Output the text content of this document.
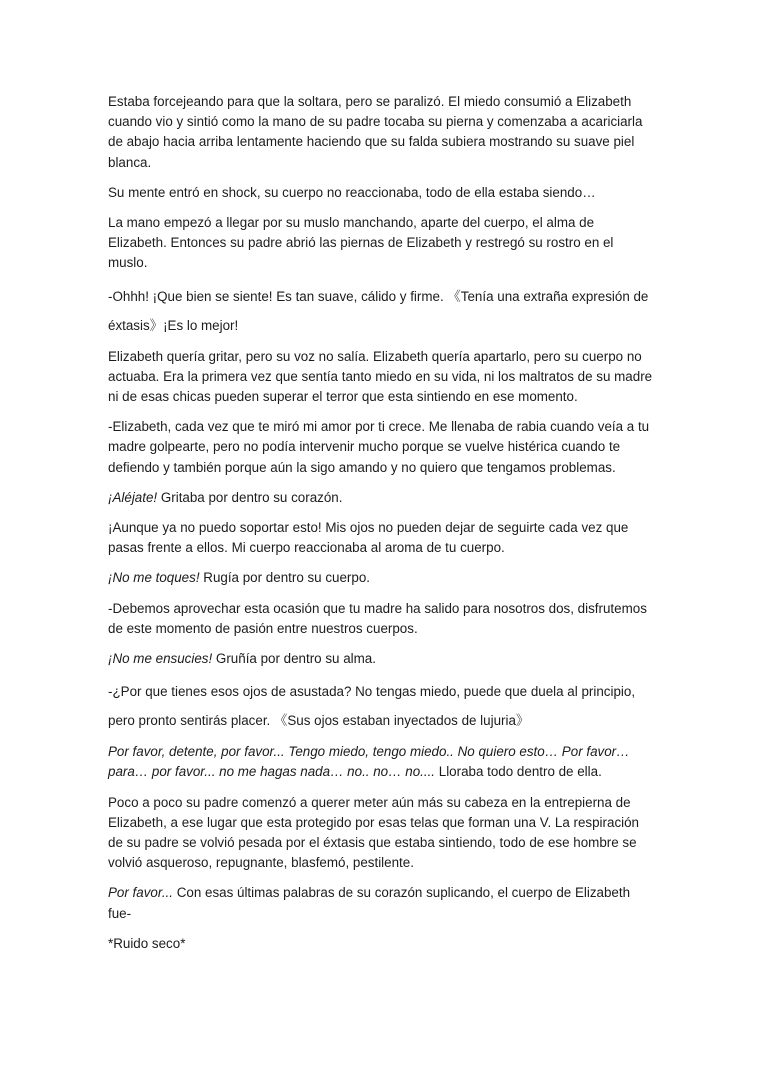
Estaba forcejeando para que la soltara, pero se paralizó. El miedo consumió a Elizabeth cuando vio y sintió como la mano de su padre tocaba su pierna y comenzaba a acariciarla de abajo hacia arriba lentamente haciendo que su falda subiera mostrando su suave piel blanca.

Su mente entró en shock, su cuerpo no reaccionaba, todo de ella estaba siendo…

La mano empezó a llegar por su muslo manchando, aparte del cuerpo, el alma de Elizabeth. Entonces su padre abrió las piernas de Elizabeth y restregó su rostro en el muslo.

-Ohhh! ¡Que bien se siente! Es tan suave, cálido y firme. 《Tenía una extraña expresión de éxtasis》¡Es lo mejor!

Elizabeth quería gritar, pero su voz no salía. Elizabeth quería apartarlo, pero su cuerpo no actuaba. Era la primera vez que sentía tanto miedo en su vida, ni los maltratos de su madre ni de esas chicas pueden superar el terror que esta sintiendo en ese momento.

-Elizabeth, cada vez que te miró mi amor por ti crece. Me llenaba de rabia cuando veía a tu madre golpearte, pero no podía intervenir mucho porque se vuelve histérica cuando te defiendo y también porque aún la sigo amando y no quiero que tengamos problemas.

¡Aléjate! Gritaba por dentro su corazón.

¡Aunque ya no puedo soportar esto! Mis ojos no pueden dejar de seguirte cada vez que pasas frente a ellos. Mi cuerpo reaccionaba al aroma de tu cuerpo.

¡No me toques! Rugía por dentro su cuerpo.

-Debemos aprovechar esta ocasión que tu madre ha salido para nosotros dos, disfrutemos de este momento de pasión entre nuestros cuerpos.

¡No me ensucies! Gruñía por dentro su alma.

-¿Por que tienes esos ojos de asustada? No tengas miedo, puede que duela al principio, pero pronto sentirás placer. 《Sus ojos estaban inyectados de lujuria》

Por favor, detente, por favor... Tengo miedo, tengo miedo.. No quiero esto… Por favor… para… por favor... no me hagas nada… no.. no… no.... Lloraba todo dentro de ella.

Poco a poco su padre comenzó a querer meter aún más su cabeza en la entrepierna de Elizabeth, a ese lugar que esta protegido por esas telas que forman una V. La respiración de su padre se volvió pesada por el éxtasis que estaba sintiendo, todo de ese hombre se volvió asqueroso, repugnante, blasfemó, pestilente.

Por favor... Con esas últimas palabras de su corazón suplicando, el cuerpo de Elizabeth fue-

*Ruido seco*
